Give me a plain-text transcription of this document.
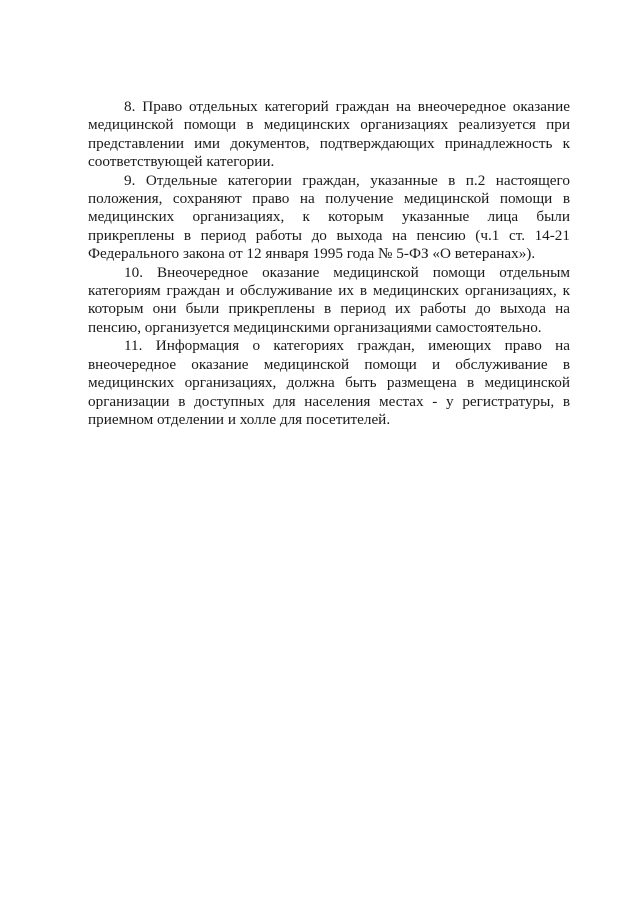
8. Право отдельных категорий граждан на внеочередное оказание медицинской помощи в медицинских организациях реализуется при представлении ими документов, подтверждающих принадлежность к соответствующей категории.

9. Отдельные категории граждан, указанные в п.2 настоящего положения, сохраняют право на получение медицинской помощи в медицинских организациях, к которым указанные лица были прикреплены в период работы до выхода на пенсию (ч.1 ст. 14-21 Федерального закона от 12 января 1995 года № 5-ФЗ «О ветеранах»).

10. Внеочередное оказание медицинской помощи отдельным категориям граждан и обслуживание их в медицинских организациях, к которым они были прикреплены в период их работы до выхода на пенсию, организуется медицинскими организациями самостоятельно.

11. Информация о категориях граждан, имеющих право на внеочередное оказание медицинской помощи и обслуживание в медицинских организациях, должна быть размещена в медицинской организации в доступных для населения местах - у регистратуры, в приемном отделении и холле для посетителей.
